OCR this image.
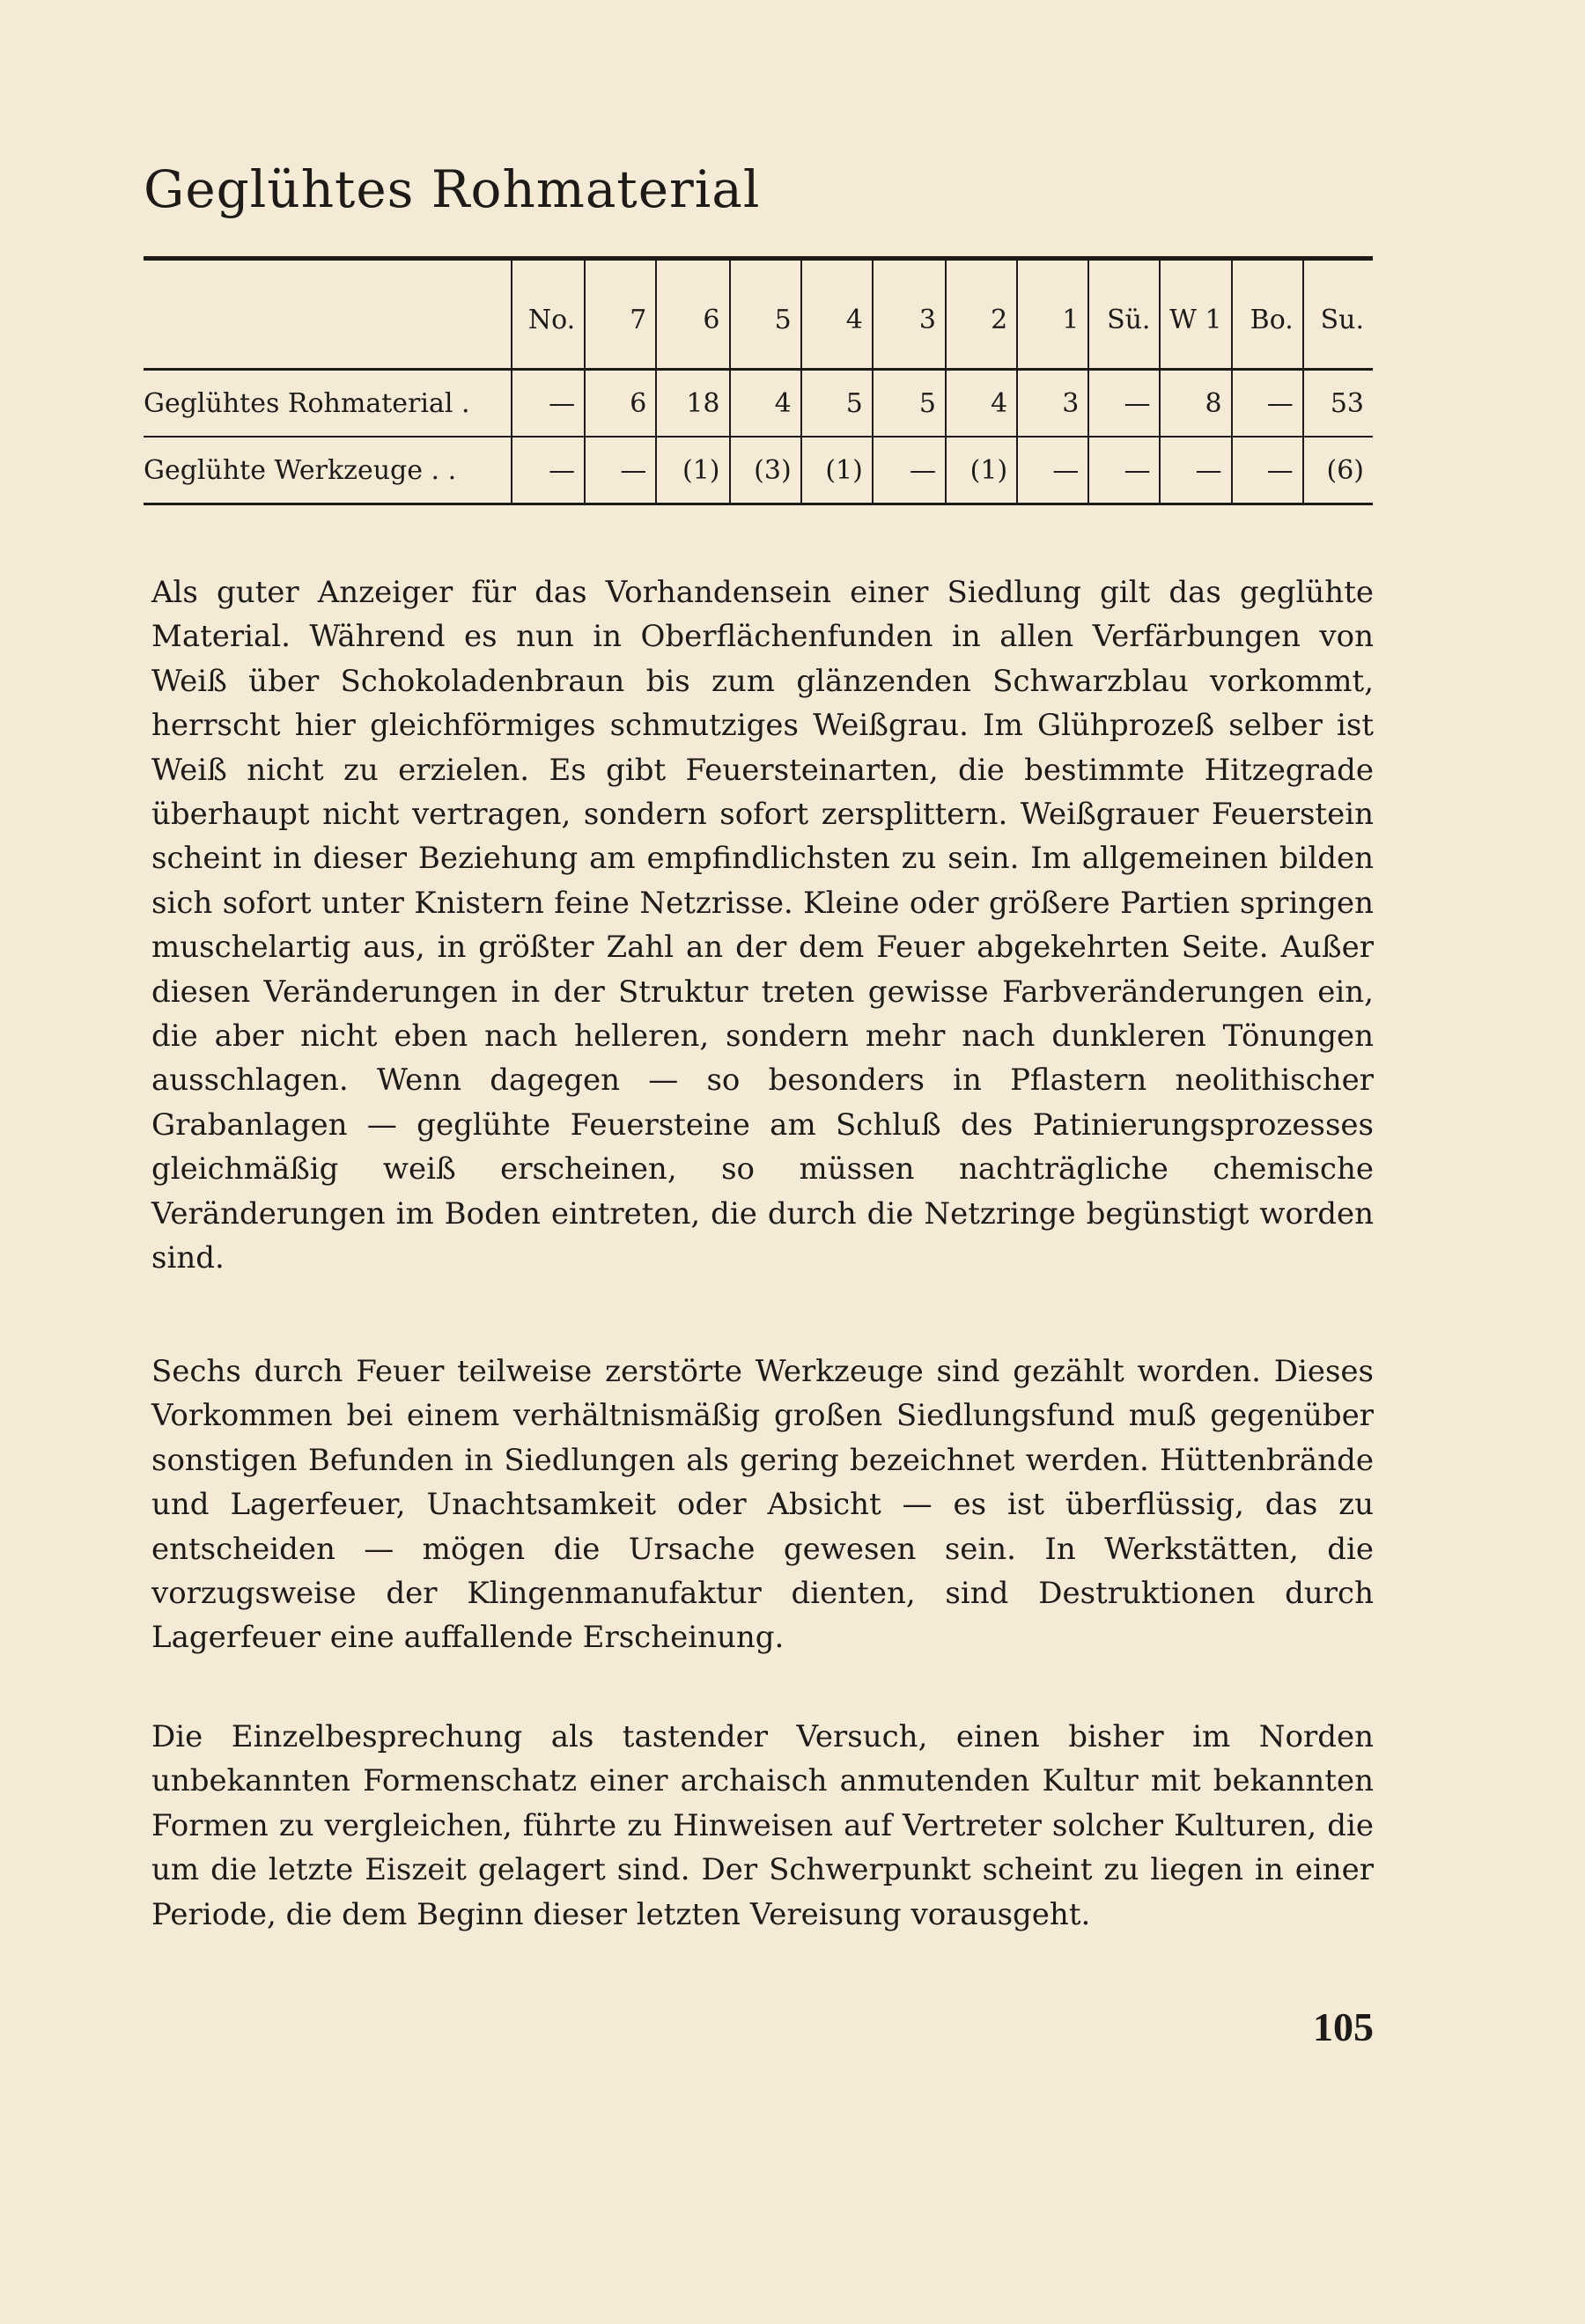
Geglühtes Rohmaterial
	No.	7	6	5	4	3	2	1	Sü.	W 1	Bo.	Su.
Geglühtes Rohmaterial .	—	6	18	4	5	5	4	3	—	8	—	53
Geglühte Werkzeuge . .	—	—	(1)	(3)	(1)	—	(1)	—	—	—	—	(6)

Als guter Anzeiger für das Vorhandensein einer Siedlung gilt das geglühte Material. Während es nun in Oberflächenfunden in allen Verfärbungen von Weiß über Schokoladenbraun bis zum glänzenden Schwarzblau vorkommt, herrscht hier gleichförmiges schmutziges Weißgrau. Im Glühprozeß selber ist Weiß nicht zu erzielen. Es gibt Feuersteinarten, die bestimmte Hitzegrade überhaupt nicht vertragen, sondern sofort zersplittern. Weißgrauer Feuerstein scheint in dieser Beziehung am empfindlichsten zu sein. Im allgemeinen bilden sich sofort unter Knistern feine Netzrisse. Kleine oder größere Partien springen muschelartig aus, in größter Zahl an der dem Feuer abgekehrten Seite. Außer diesen Veränderungen in der Struktur treten gewisse Farbveränderungen ein, die aber nicht eben nach helleren, sondern mehr nach dunkleren Tönungen ausschlagen. Wenn dagegen — so besonders in Pflastern neolithischer Grabanlagen — geglühte Feuersteine am Schluß des Patinierungsprozesses gleichmäßig weiß erscheinen, so müssen nachträgliche chemische Veränderungen im Boden eintreten, die durch die Netzringe begünstigt worden sind.

Sechs durch Feuer teilweise zerstörte Werkzeuge sind gezählt worden. Dieses Vorkommen bei einem verhältnismäßig großen Siedlungsfund muß gegenüber sonstigen Befunden in Siedlungen als gering bezeichnet werden. Hüttenbrände und Lagerfeuer, Unachtsamkeit oder Absicht — es ist überflüssig, das zu entscheiden — mögen die Ursache gewesen sein. In Werkstätten, die vorzugsweise der Klingenmanufaktur dienten, sind Destruktionen durch Lagerfeuer eine auffallende Erscheinung.

Die Einzelbesprechung als tastender Versuch, einen bisher im Norden unbekannten Formenschatz einer archaisch anmutenden Kultur mit bekannten Formen zu vergleichen, führte zu Hinweisen auf Vertreter solcher Kulturen, die um die letzte Eiszeit gelagert sind. Der Schwerpunkt scheint zu liegen in einer Periode, die dem Beginn dieser letzten Vereisung vorausgeht.

105
